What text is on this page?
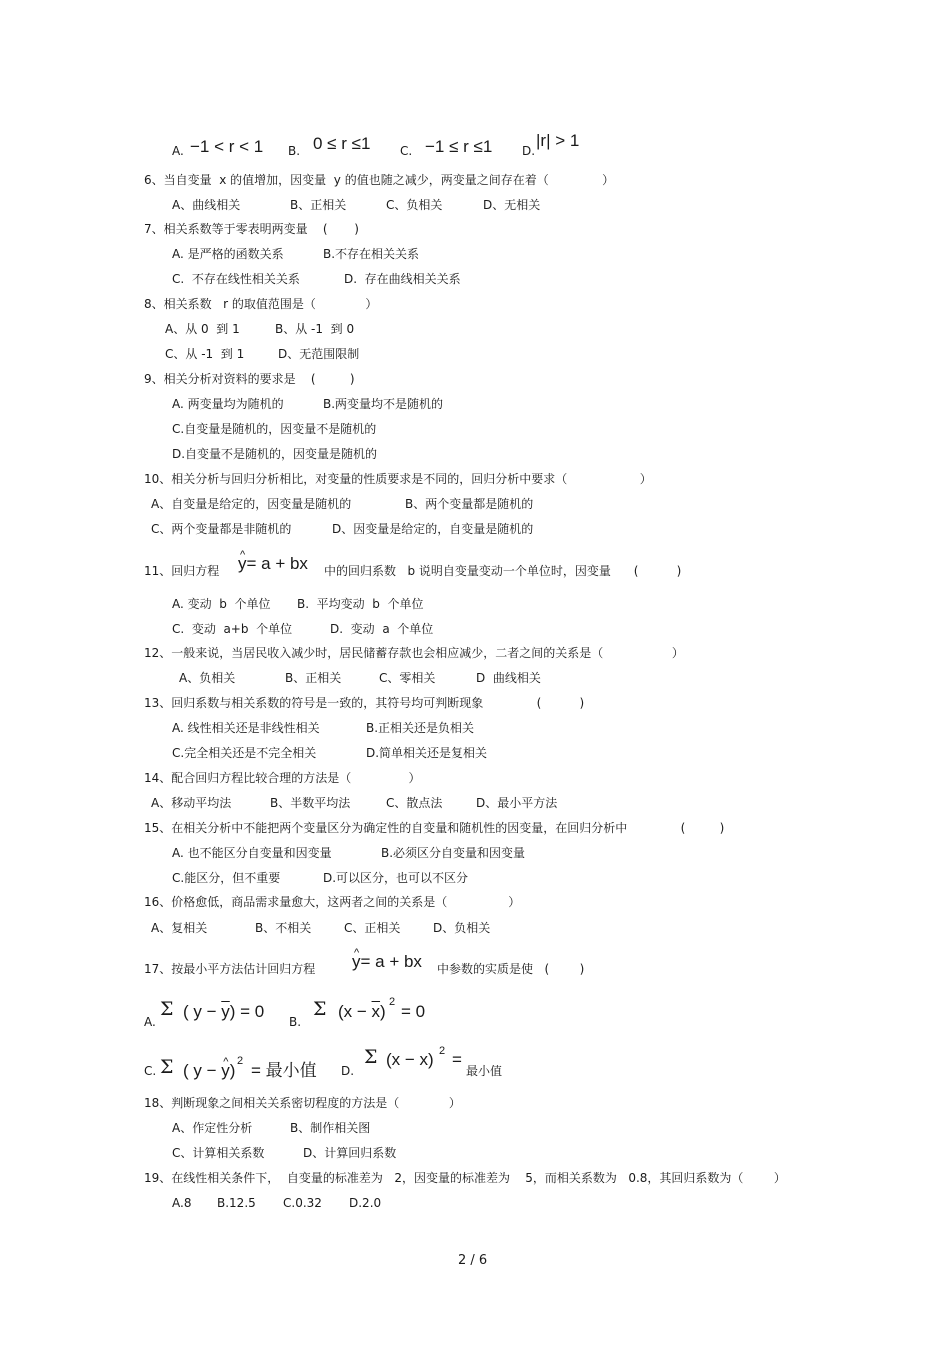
A. −1 < r < 1 B. 0 ≤ r ≤1 C. −1 ≤ r ≤1 D.
|r| > 1
6、当自变量  x 的值增加，因变量  y 的值也随之减少，两变量之间存在着（              ）
A、曲线相关	B、正相关	C、负相关	D、无相关
7、相关系数等于零表明两变量    (       )
A. 是严格的函数关系	B.不存在相关关系
C.  不存在线性相关关系	D.  存在曲线相关关系
8、相关系数   r 的取值范围是（             ）
A、从 0  到 1	B、从 -1  到 0
C、从 -1  到 1	D、无范围限制
9、相关分析对资料的要求是    (         )
A. 两变量均为随机的	B.两变量均不是随机的
C.自变量是随机的，因变量不是随机的
D.自变量不是随机的，因变量是随机的
10、相关分析与回归分析相比，对变量的性质要求是不同的，回归分析中要求（                   ）
A、自变量是给定的，因变量是随机的	B、两个变量都是随机的
C、两个变量都是非随机的	D、因变量是给定的，自变量是随机的
11、回归方程 ^ y= a + bx 中的回归系数   b 说明自变量变动一个单位时，因变量      (          )
A. 变动  b  个单位 B.  平均变动  b  个单位
C.  变动  a+b  个单位	D.  变动  a  个单位
12、一般来说，当居民收入减少时，居民储蓄存款也会相应减少，二者之间的关系是（                  ）
A、负相关	B、正相关	C、零相关	D  曲线相关
13、回归系数与相关系数的符号是一致的，其符号均可判断现象              (          )
A. 线性相关还是非线性相关	B.正相关还是负相关
C.完全相关还是不完全相关	D.简单相关还是复相关
14、配合回归方程比较合理的方法是（               ）
A、移动平均法	B、半数平均法	C、散点法	D、最小平方法
15、在相关分析中不能把两个变量区分为确定性的自变量和随机性的因变量，在回归分析中              (         )
A. 也不能区分自变量和因变量	B.必须区分自变量和因变量
C.能区分，但不重要	D.可以区分，也可以不区分
16、价格愈低，商品需求量愈大，这两者之间的关系是（                ）
A、复相关	B、不相关	C、正相关	D、负相关
17、按最小平方法估计回归方程 ^ y= a + bx 中参数的实质是使   (        )
A.
Σ ( $y - \overline{y}) = 0$
B.
Σ $(x - \overline{x})$ 2 = 0
C. Σ ( y − ^ y) 2 = 最小值 D.
Σ (x − x) 2 =
最小值
18、判断现象之间相关关系密切程度的方法是（             ）
A、作定性分析	B、制作相关图
C、计算相关系数	D、计算回归系数
19、在线性相关条件下，  自变量的标准差为   2，因变量的标准差为    5，而相关系数为   0.8，其回归系数为（        ）
A.8 B.12.5 C.0.32 D.2.0
2 / 6
